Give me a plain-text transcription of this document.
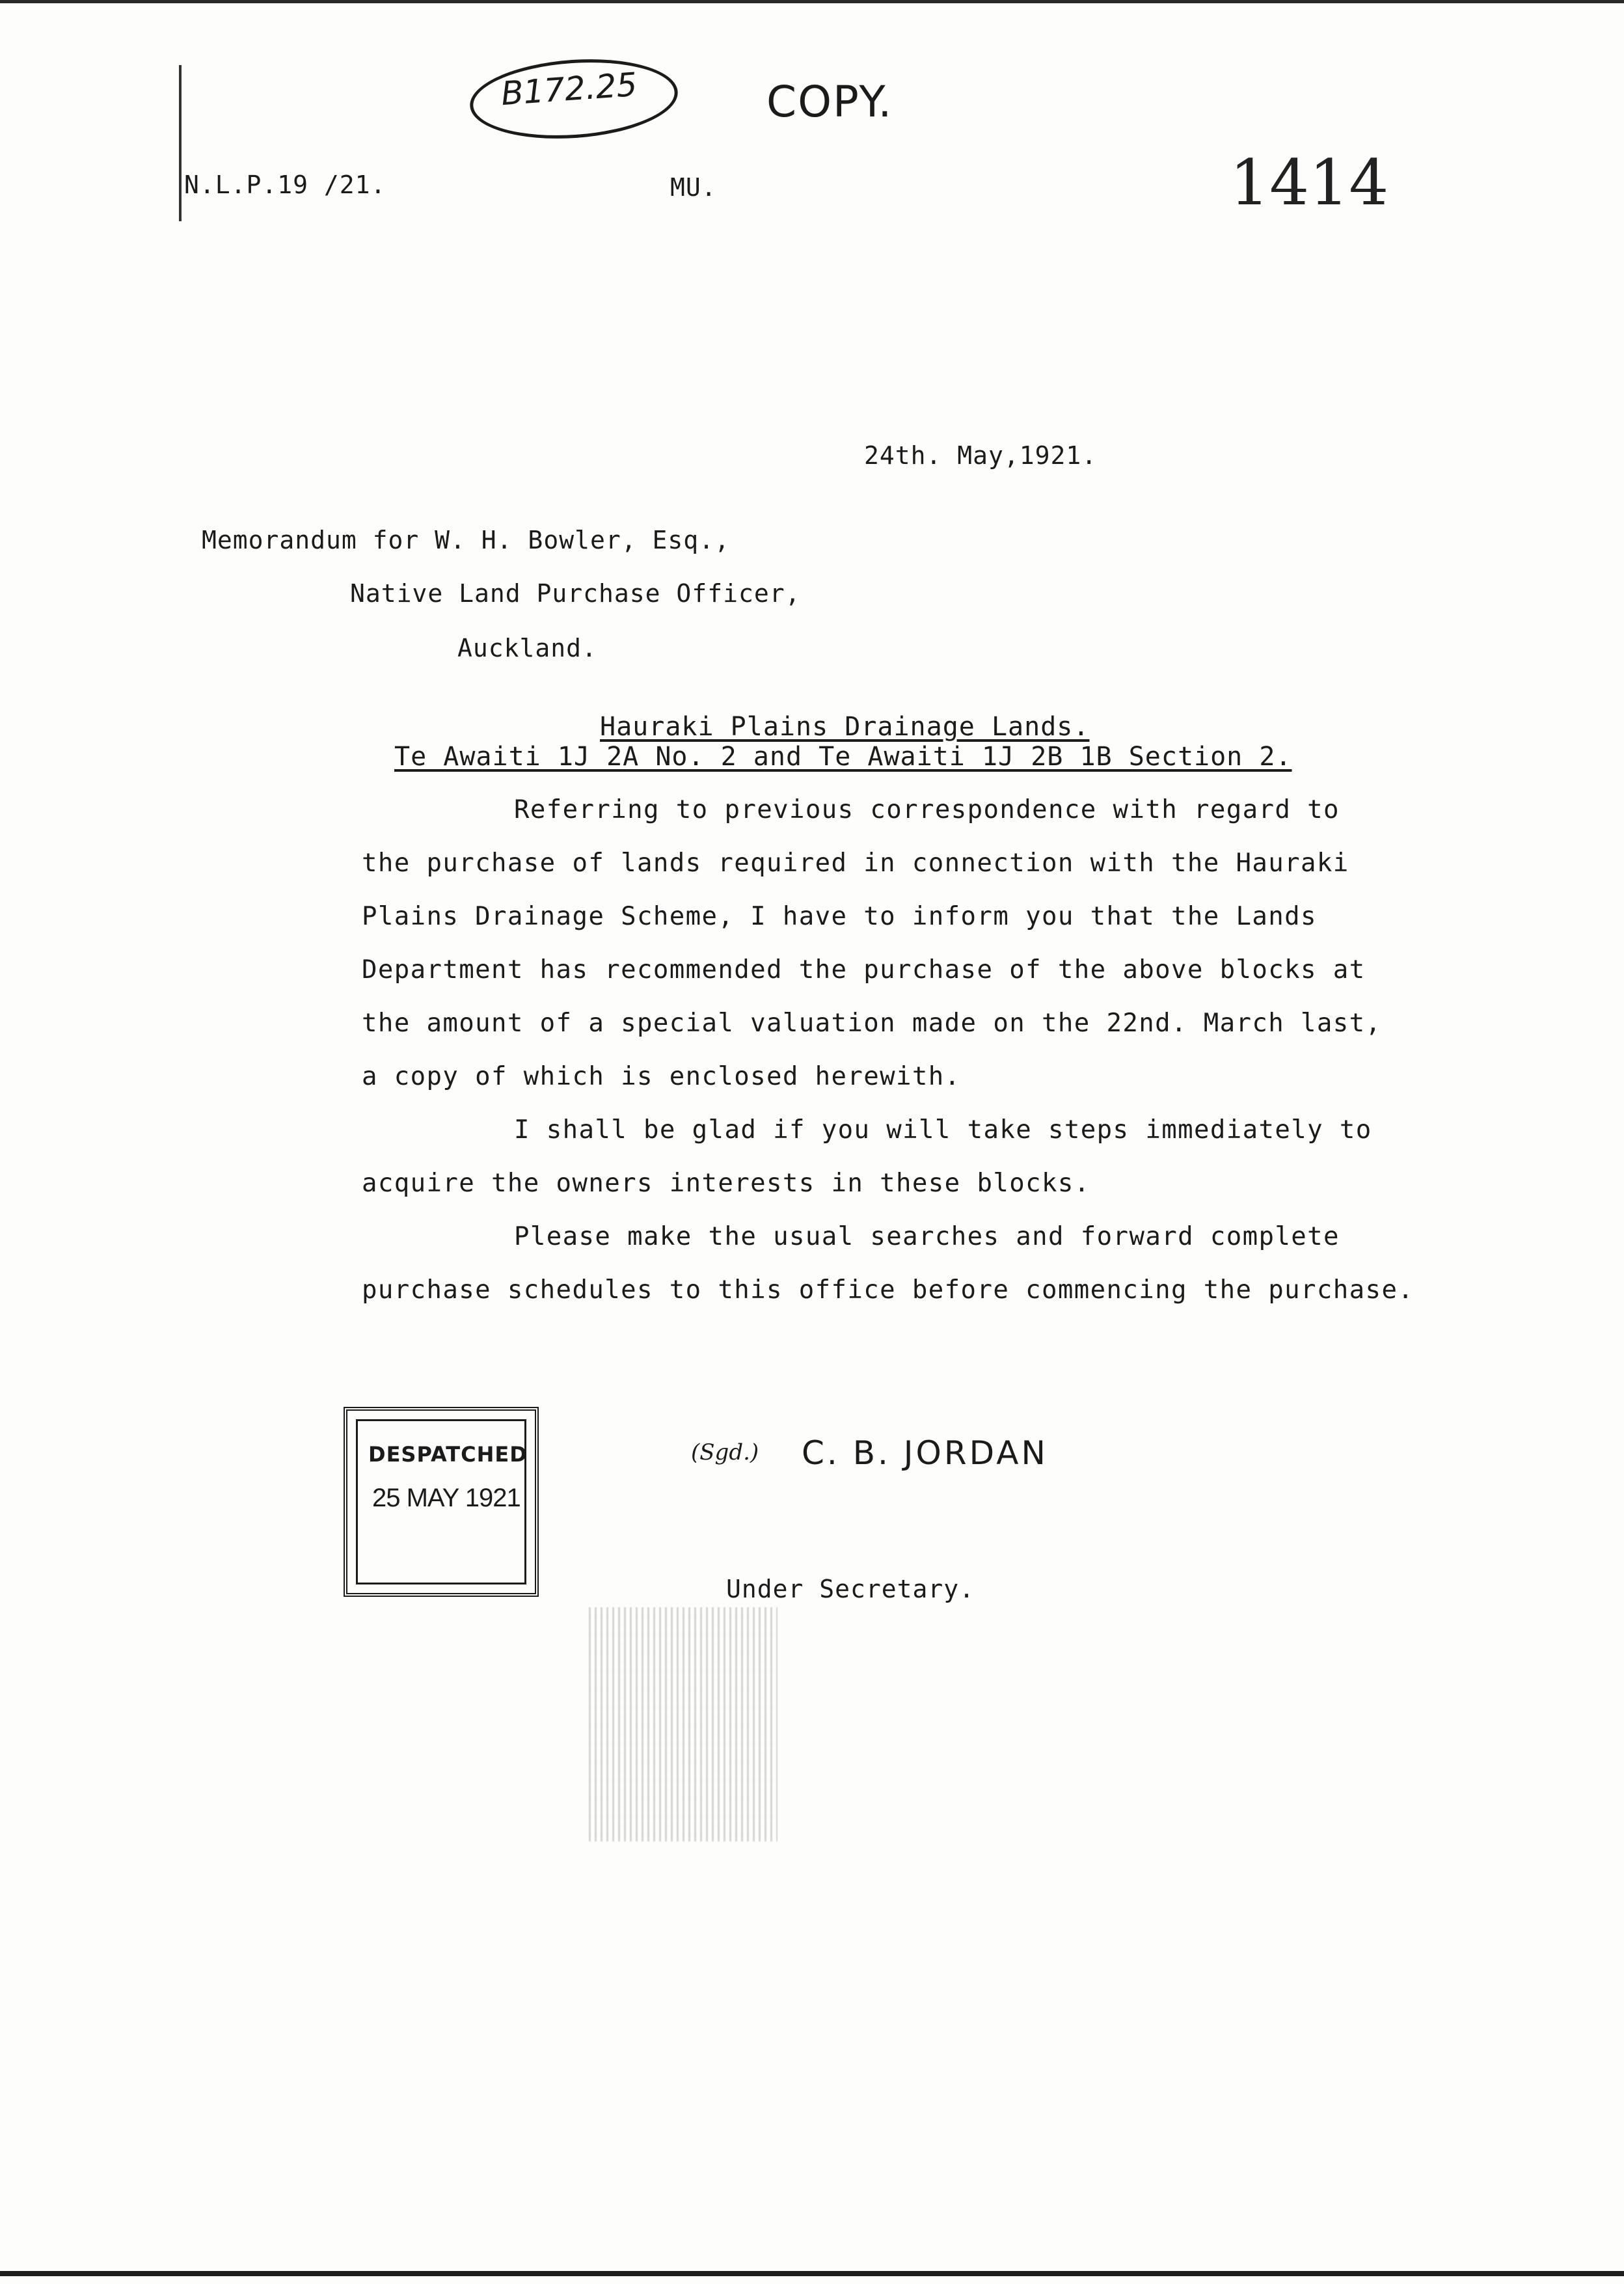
B172.25	COPY.
N.L.P.19 /21.	MU.	1414
24th. May,1921.
Memorandum for W. H. Bowler, Esq.,
Native Land Purchase Officer,
Auckland.
Hauraki Plains Drainage Lands.
Te Awaiti 1J 2A No. 2 and Te Awaiti 1J 2B 1B Section 2.
Referring to previous correspondence with regard to
the purchase of lands required in connection with the Hauraki
Plains Drainage Scheme, I have to inform you that the Lands
Department has recommended the purchase of the above blocks at
the amount of a special valuation made on the 22nd. March last,
a copy of which is enclosed herewith.
I shall be glad if you will take steps immediately to
acquire the owners interests in these blocks.
Please make the usual searches and forward complete
purchase schedules to this office before commencing the purchase.
DESPATCHED
25 MAY 1921
(Sgd.) C. B. JORDAN
Under Secretary.
